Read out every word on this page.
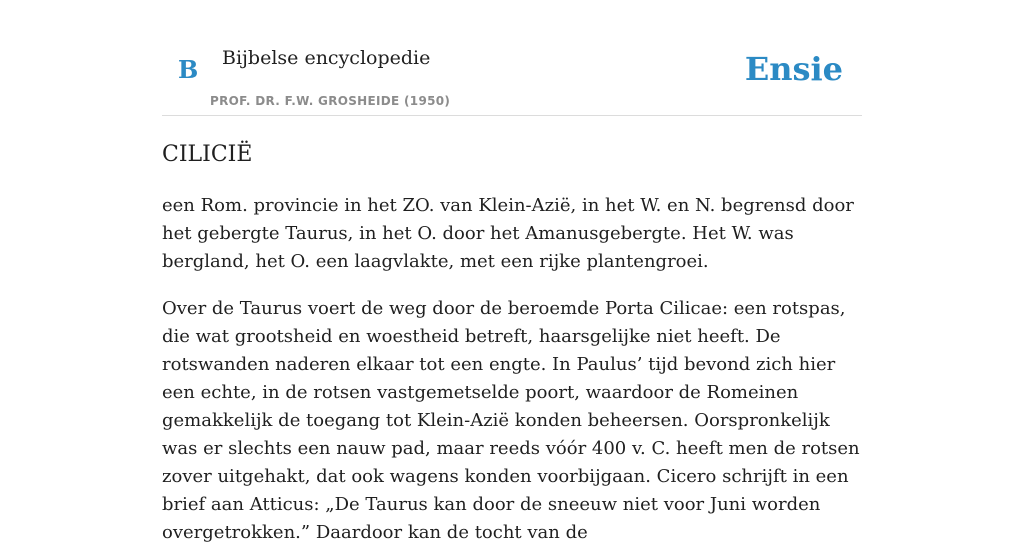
B Bijbelse encyclopedie
PROF. DR. F.W. GROSHEIDE (1950)
Ensie
CILICIË

een Rom. provincie in het ZO. van Klein-Azië, in het W. en N. begrensd door het gebergte Taurus, in het O. door het Amanusgebergte. Het W. was bergland, het O. een laagvlakte, met een rijke plantengroei.

Over de Taurus voert de weg door de beroemde Porta Cilicae: een rotspas, die wat grootsheid en woestheid betreft, haarsgelijke niet heeft. De rotswanden naderen elkaar tot een engte. In Paulus’ tijd bevond zich hier een echte, in de rotsen vastgemetselde poort, waardoor de Romeinen gemakkelijk de toegang tot Klein-Azië konden beheersen. Oorspronkelijk was er slechts een nauw pad, maar reeds vóór 400 v. C. heeft men de rotsen zover uitgehakt, dat ook wagens konden voorbijgaan. Cicero schrijft in een brief aan Atticus: „De Taurus kan door de sneeuw niet voor Juni worden overgetrokken.” Daardoor kan de tocht van de
